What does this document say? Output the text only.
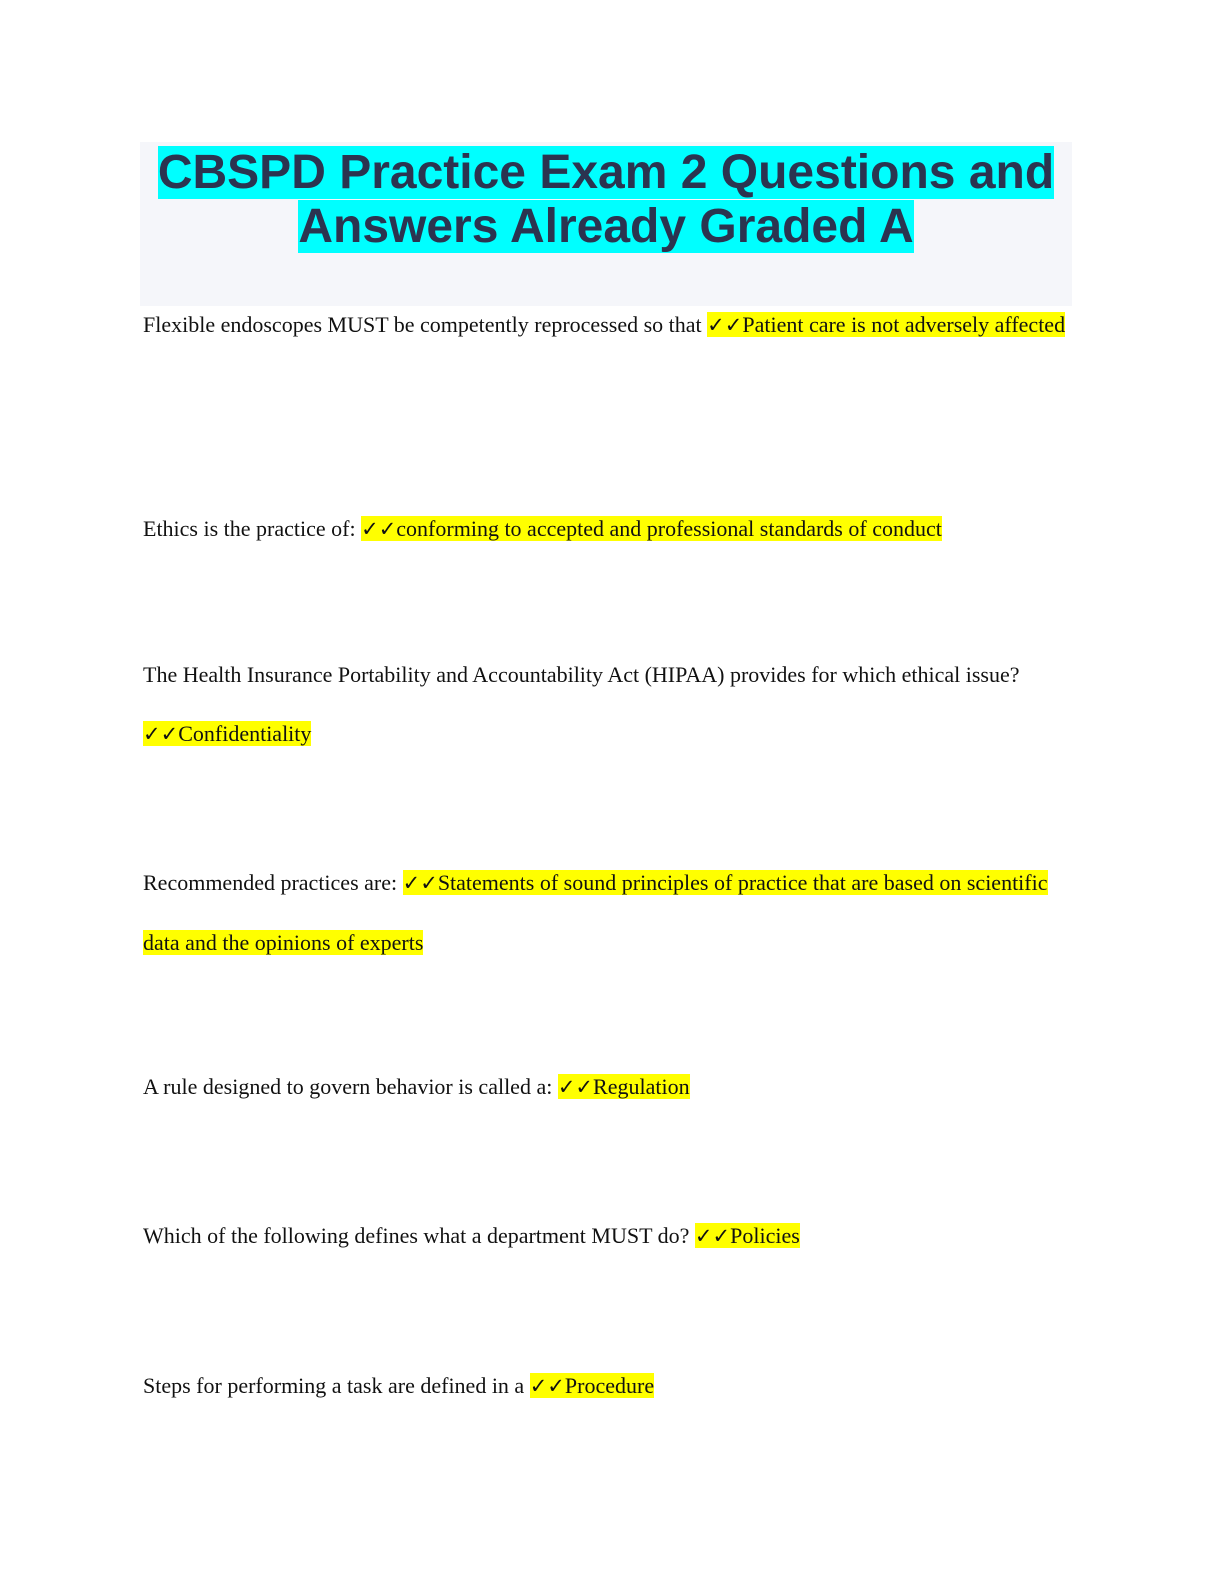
CBSPD Practice Exam 2 Questions and Answers Already Graded A

Flexible endoscopes MUST be competently reprocessed so that ✓✓Patient care is not adversely affected

Ethics is the practice of: ✓✓conforming to accepted and professional standards of conduct

The Health Insurance Portability and Accountability Act (HIPAA) provides for which ethical issue? ✓✓Confidentiality

Recommended practices are: ✓✓Statements of sound principles of practice that are based on scientific data and the opinions of experts

A rule designed to govern behavior is called a: ✓✓Regulation

Which of the following defines what a department MUST do? ✓✓Policies

Steps for performing a task are defined in a ✓✓Procedure
